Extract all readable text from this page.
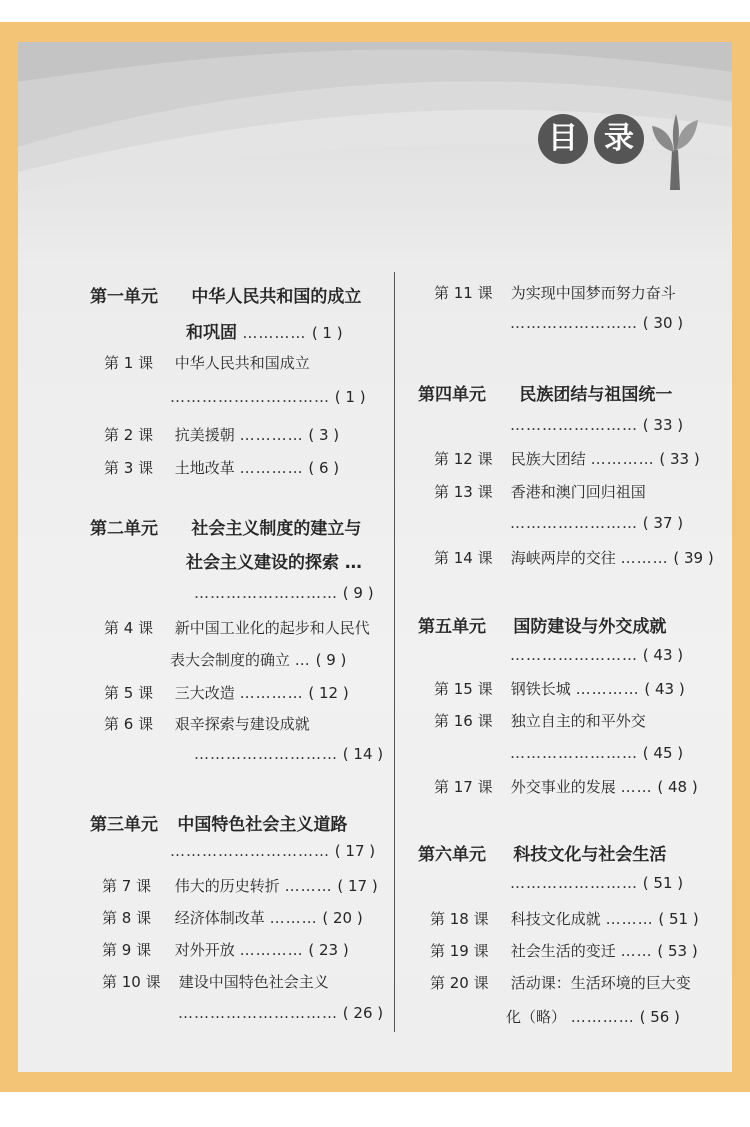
目 录
第一单元 中华人民共和国的成立
和巩固 ………… ( 1 )
第 1 课 中华人民共和国成立
………………………… ( 1 )
第 2 课 抗美援朝 ………… ( 3 )
第 3 课 土地改革 ………… ( 6 )
第二单元 社会主义制度的建立与
社会主义建设的探索 …
……………………… ( 9 )
第 4 课 新中国工业化的起步和人民代
表大会制度的确立 … ( 9 )
第 5 课 三大改造 ………… ( 12 )
第 6 课 艰辛探索与建设成就
……………………… ( 14 )
第三单元 中国特色社会主义道路
………………………… ( 17 )
第 7 课 伟大的历史转折 ……… ( 17 )
第 8 课 经济体制改革 ……… ( 20 )
第 9 课 对外开放 ………… ( 23 )
第 10 课 建设中国特色社会主义
………………………… ( 26 )
第 11 课 为实现中国梦而努力奋斗
…………………… ( 30 )
第四单元 民族团结与祖国统一
…………………… ( 33 )
第 12 课 民族大团结 ………… ( 33 )
第 13 课 香港和澳门回归祖国
…………………… ( 37 )
第 14 课 海峡两岸的交往 ……… ( 39 )
第五单元 国防建设与外交成就
…………………… ( 43 )
第 15 课 钢铁长城 ………… ( 43 )
第 16 课 独立自主的和平外交
…………………… ( 45 )
第 17 课 外交事业的发展 …… ( 48 )
第六单元 科技文化与社会生活
…………………… ( 51 )
第 18 课 科技文化成就 ……… ( 51 )
第 19 课 社会生活的变迁 …… ( 53 )
第 20 课 活动课：生活环境的巨大变
化（略） ………… ( 56 )
